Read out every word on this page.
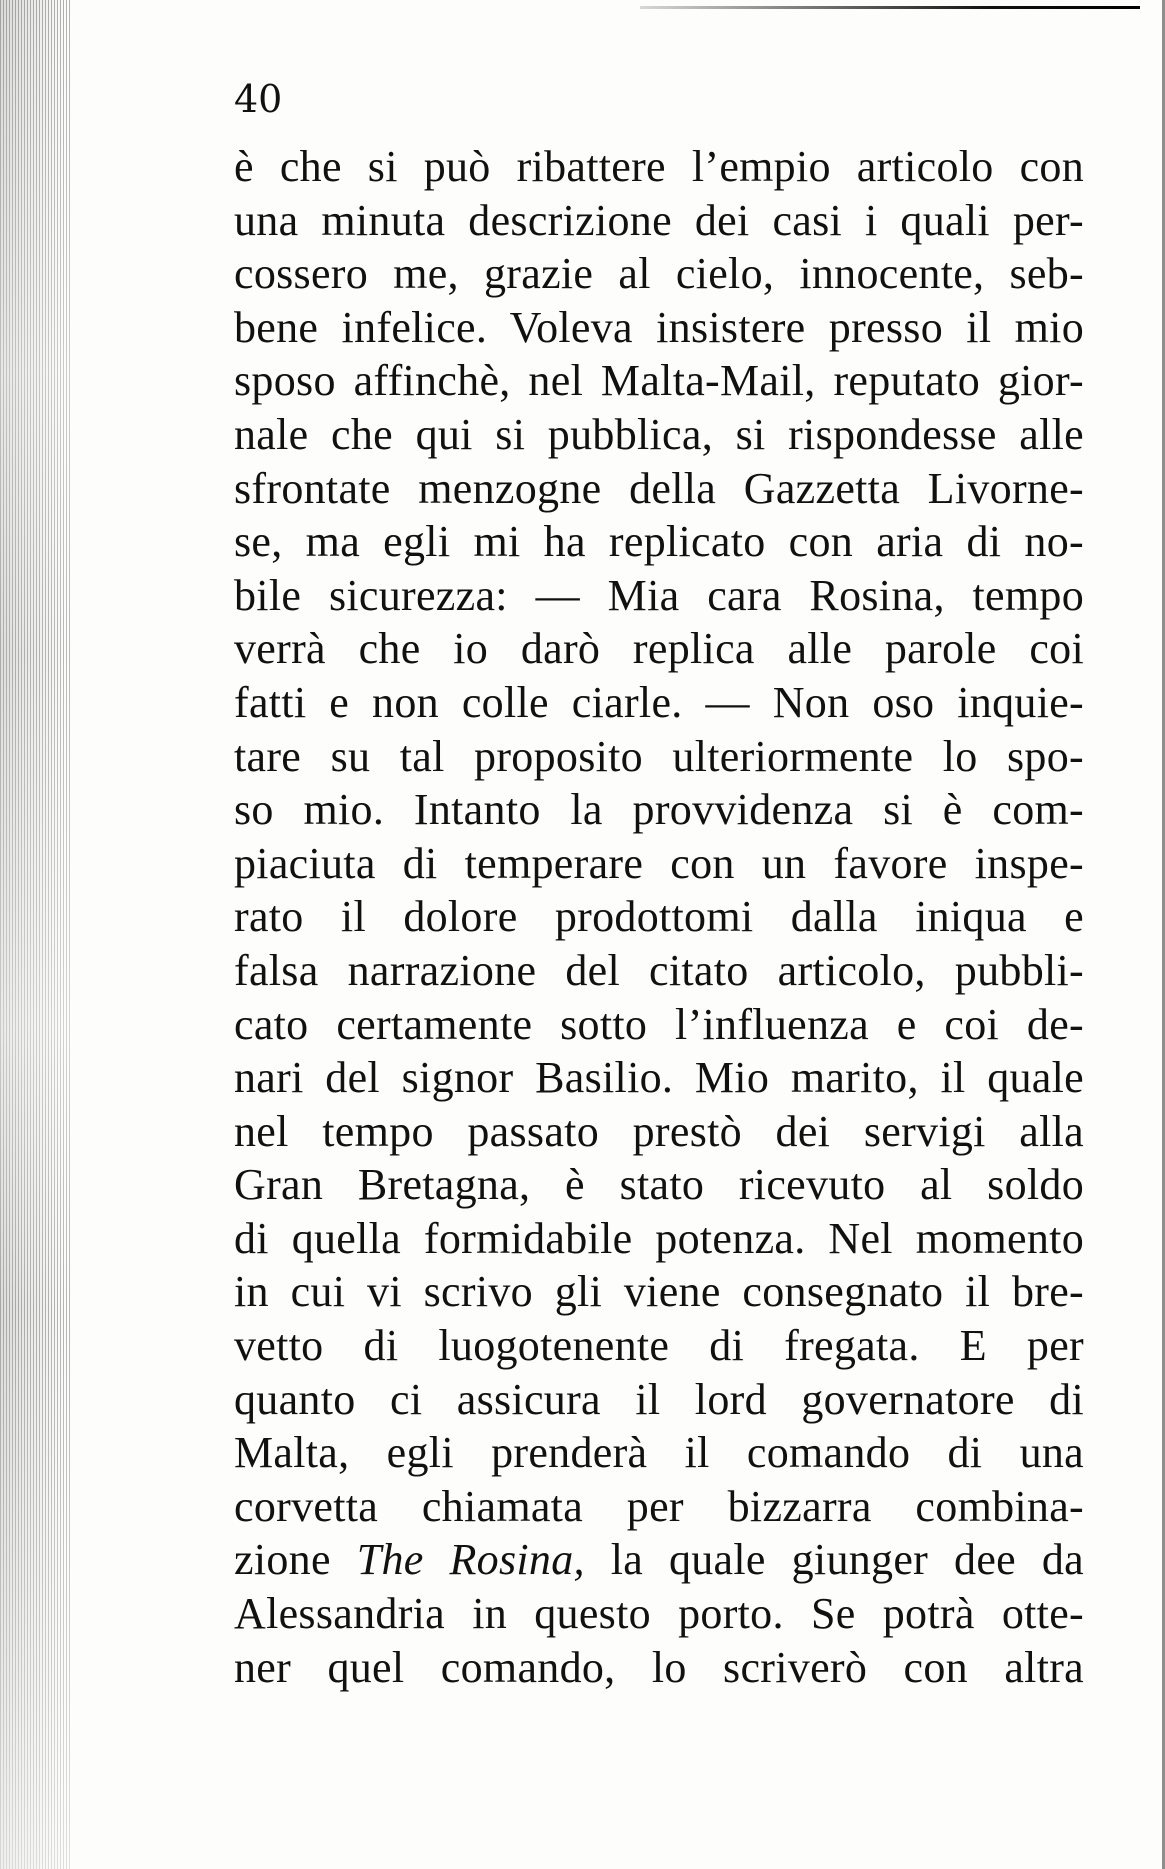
40

è che si può ribattere l’empio articolo con
una minuta descrizione dei casi i quali per-
cossero me, grazie al cielo, innocente, seb-
bene infelice. Voleva insistere presso il mio
sposo affinchè, nel Malta-Mail, reputato gior-
nale che qui si pubblica, si rispondesse alle
sfrontate menzogne della Gazzetta Livorne-
se, ma egli mi ha replicato con aria di no-
bile sicurezza: — Mia cara Rosina, tempo
verrà che io darò replica alle parole coi
fatti e non colle ciarle. — Non oso inquie-
tare su tal proposito ulteriormente lo spo-
so mio. Intanto la provvidenza si è com-
piaciuta di temperare con un favore inspe-
rato il dolore prodottomi dalla iniqua e
falsa narrazione del citato articolo, pubbli-
cato certamente sotto l’influenza e coi de-
nari del signor Basilio. Mio marito, il quale
nel tempo passato prestò dei servigi alla
Gran Bretagna, è stato ricevuto al soldo
di quella formidabile potenza. Nel momento
in cui vi scrivo gli viene consegnato il bre-
vetto di luogotenente di fregata. E per
quanto ci assicura il lord governatore di
Malta, egli prenderà il comando di una
corvetta chiamata per bizzarra combina-
zione The Rosina, la quale giunger dee da
Alessandria in questo porto. Se potrà otte-
ner quel comando, lo scriverò con altra
